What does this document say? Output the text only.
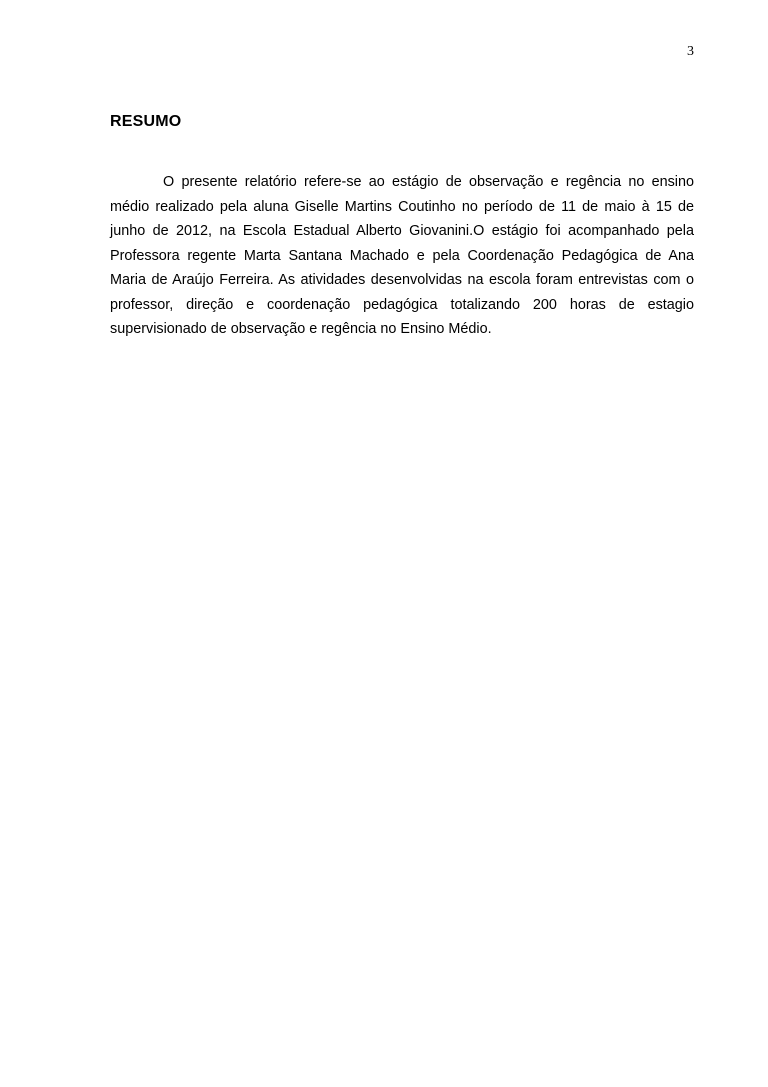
3
RESUMO

O presente relatório refere-se ao estágio de observação e regência no ensino médio realizado pela aluna Giselle Martins Coutinho no período de 11 de maio à 15 de junho de 2012, na Escola Estadual Alberto Giovanini.O estágio foi acompanhado pela Professora regente Marta Santana Machado e pela Coordenação Pedagógica de Ana Maria de Araújo Ferreira. As atividades desenvolvidas na escola foram entrevistas com o professor, direção e coordenação pedagógica totalizando 200 horas de estagio supervisionado de observação e regência no Ensino Médio.
